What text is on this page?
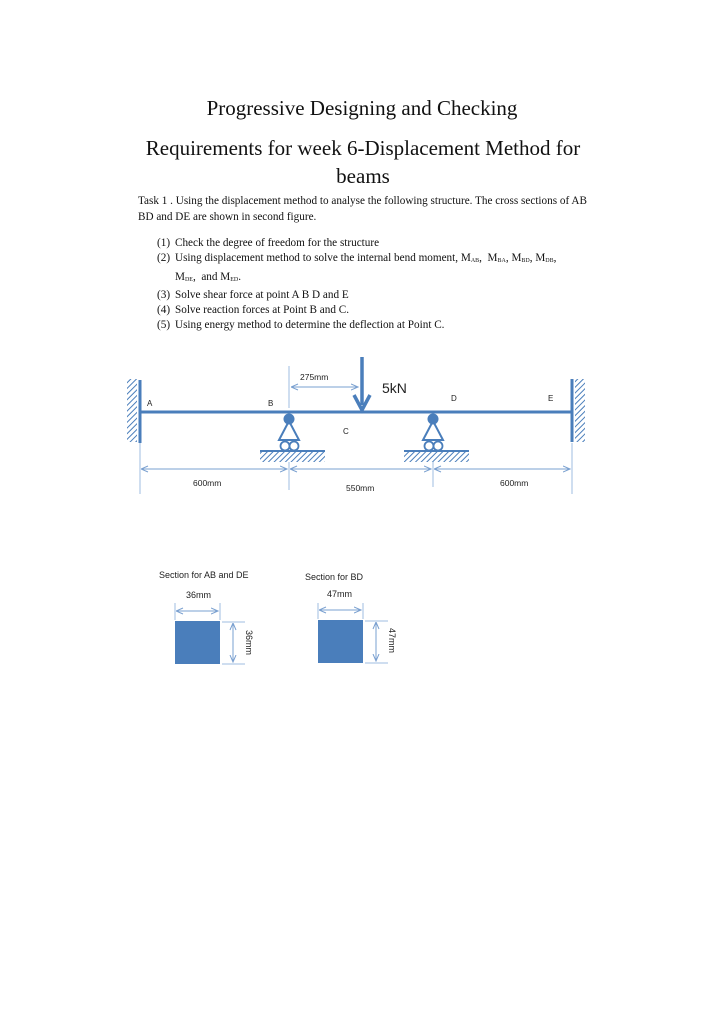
Progressive Designing and Checking
Requirements for week 6-Displacement Method for beams
Task 1 . Using the displacement method to analyse the following structure. The cross sections of AB BD and DE are shown in second figure.
(1) Check the degree of freedom for the structure
(2) Using displacement method to solve the internal bend moment, $M_{AB}$,  $M_{BA}$, $M_{BD}$, $M_{DB}$,
$M_{DE}$,  and $M_{ED}$.
(3) Solve shear force at point A B D and E
(4) Solve reaction forces at Point B and C.
(5) Using energy method to determine the deflection at Point C.
A	B
C
D	E
5kN
275mm
600mm	550mm	600mm
Section for AB and DE
36mm
36mm
Section for BD
47mm
47mm
